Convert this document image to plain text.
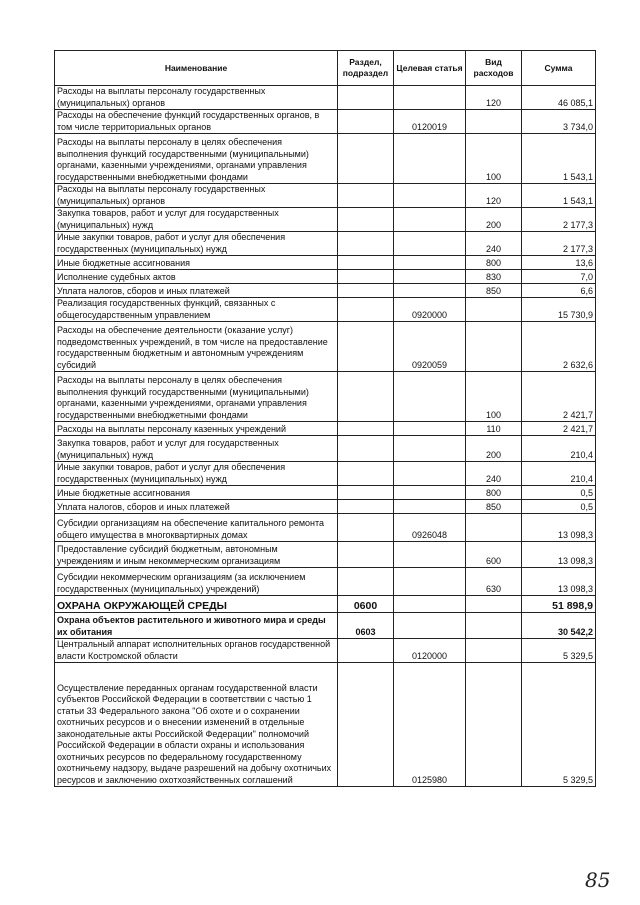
Наименование	Раздел, подраздел	Целевая статья	Вид расходов	Сумма
Расходы на выплаты персоналу государственных (муниципальных) органов			120	46 085,1
Расходы на обеспечение функций государственных органов, в том числе территориальных органов		0120019		3 734,0
Расходы на выплаты персоналу в целях обеспечения выполнения функций государственными (муниципальными) органами, казенными учреждениями, органами управления государственными внебюджетными фондами			100	1 543,1
Расходы на выплаты персоналу государственных (муниципальных) органов			120	1 543,1
Закупка товаров, работ и услуг для государственных (муниципальных) нужд			200	2 177,3
Иные закупки товаров, работ и услуг для обеспечения государственных (муниципальных) нужд			240	2 177,3
Иные бюджетные ассигнования			800	13,6
Исполнение судебных актов			830	7,0
Уплата налогов, сборов и иных платежей			850	6,6
Реализация государственных функций, связанных с общегосударственным управлением		0920000		15 730,9
Расходы на обеспечение деятельности (оказание услуг) подведомственных учреждений, в том числе на предоставление государственным бюджетным и автономным учреждениям субсидий		0920059		2 632,6
Расходы на выплаты персоналу в целях обеспечения выполнения функций государственными (муниципальными) органами, казенными учреждениями, органами управления государственными внебюджетными фондами			100	2 421,7
Расходы на выплаты персоналу казенных учреждений			110	2 421,7
Закупка товаров, работ и услуг для государственных (муниципальных) нужд			200	210,4
Иные закупки товаров, работ и услуг для обеспечения государственных (муниципальных) нужд			240	210,4
Иные бюджетные ассигнования			800	0,5
Уплата налогов, сборов и иных платежей			850	0,5
Субсидии организациям на обеспечение капитального ремонта общего имущества в многоквартирных домах		0926048		13 098,3
Предоставление субсидий бюджетным, автономным учреждениям и иным некоммерческим организациям			600	13 098,3
Субсидии некоммерческим организациям (за исключением государственных (муниципальных) учреждений)			630	13 098,3
ОХРАНА ОКРУЖАЮЩЕЙ СРЕДЫ	0600			51 898,9
Охрана объектов растительного и животного мира и среды их обитания	0603			30 542,2
Центральный аппарат исполнительных органов государственной власти Костромской области		0120000		5 329,5
Осуществление переданных органам государственной власти субъектов Российской Федерации в соответствии с частью 1 статьи 33 Федерального закона "Об охоте и о сохранении охотничьих ресурсов и о внесении изменений в отдельные законодательные акты Российской Федерации" полномочий Российской Федерации в области охраны и использования охотничьих ресурсов по федеральному государственному охотничьему надзору, выдаче разрешений на добычу охотничьих ресурсов и заключению охотхозяйственных соглашений		0125980		5 329,5
85
